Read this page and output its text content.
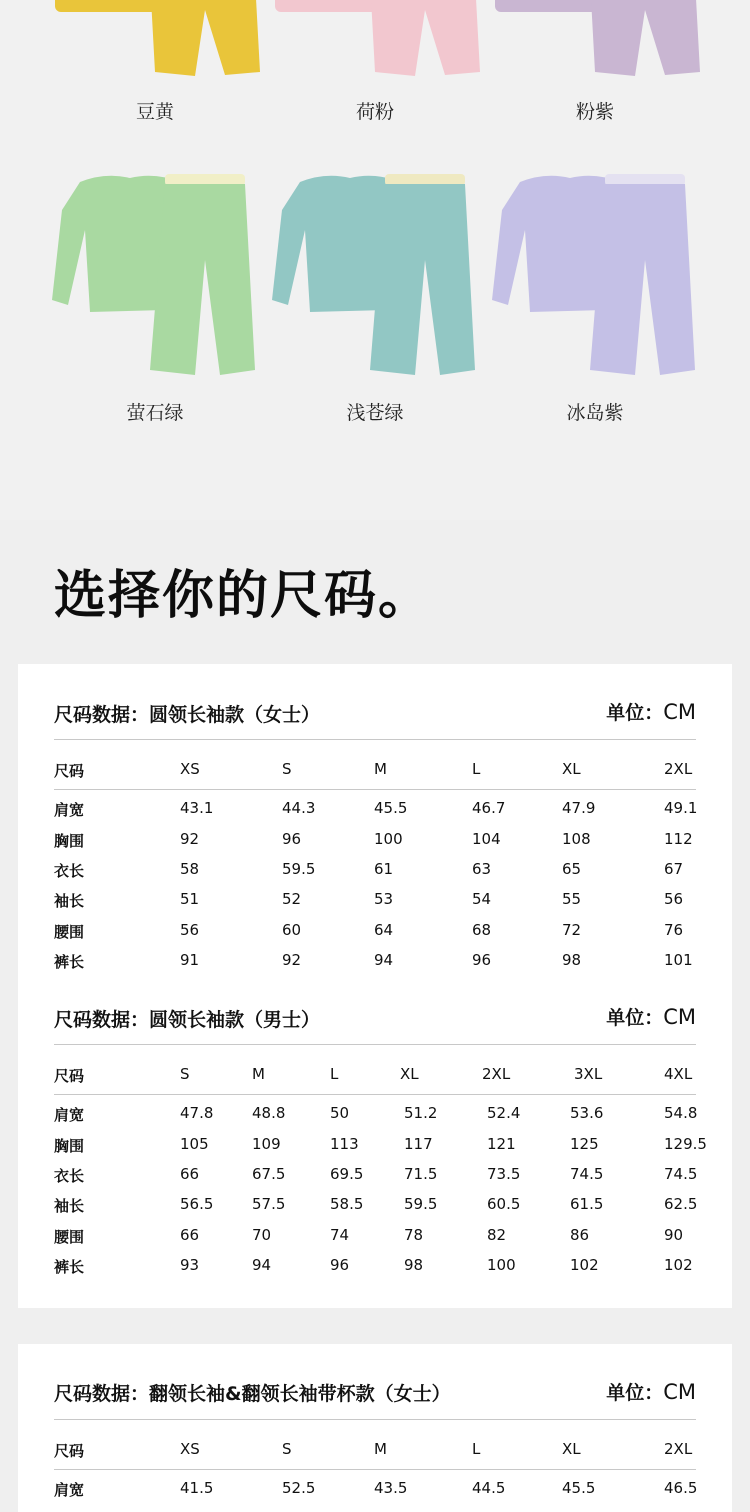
豆黄	荷粉	粉紫
萤石绿	浅苍绿	冰岛紫
选择你的尺码。
尺码数据：圆领长袖款（女士）	单位：CM
尺码	XS	S	M	L	XL	2XL
肩宽	43.1	44.3	45.5	46.7	47.9	49.1
胸围	92	96	100	104	108	112
衣长	58	59.5	61	63	65	67
袖长	51	52	53	54	55	56
腰围	56	60	64	68	72	76
裤长	91	92	94	96	98	101
尺码数据：圆领长袖款（男士）	单位：CM
尺码	S	M	L	XL	2XL	3XL	4XL
肩宽	47.8	48.8	50	51.2	52.4	53.6	54.8
胸围	105	109	113	117	121	125	129.5
衣长	66	67.5	69.5	71.5	73.5	74.5	74.5
袖长	56.5	57.5	58.5	59.5	60.5	61.5	62.5
腰围	66	70	74	78	82	86	90
裤长	93	94	96	98	100	102	102
尺码数据：翻领长袖&翻领长袖带杯款（女士）	单位：CM
尺码	XS	S	M	L	XL	2XL
肩宽	41.5	52.5	43.5	44.5	45.5	46.5
